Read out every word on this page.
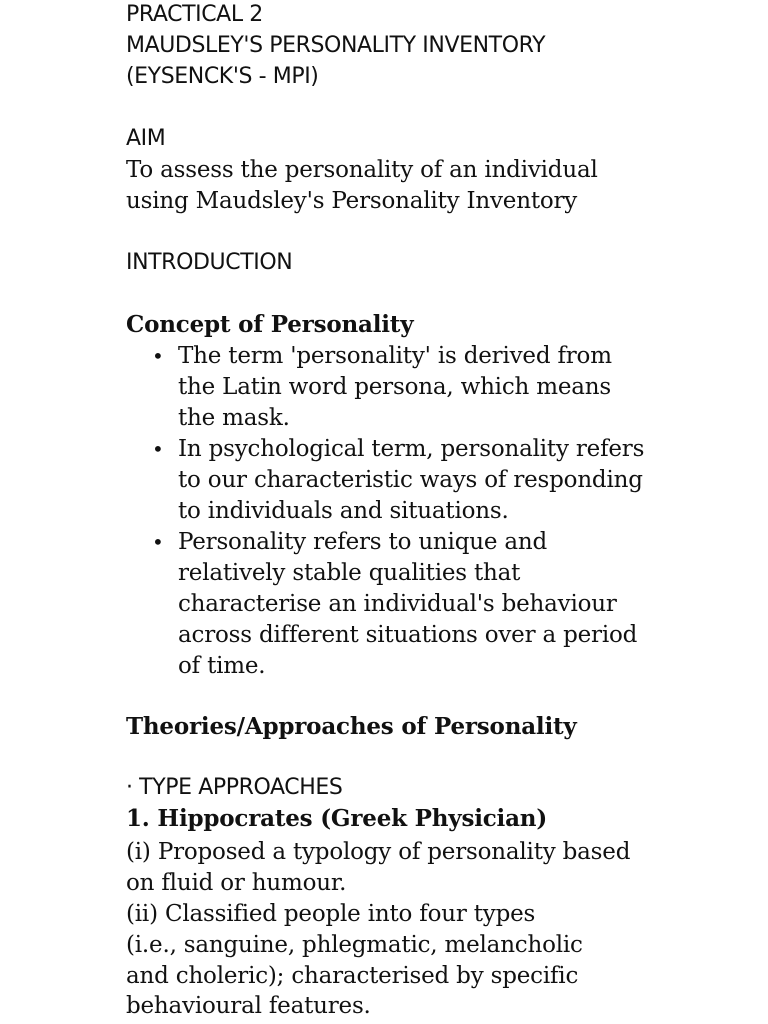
PRACTICAL 2
MAUDSLEY'S PERSONALITY INVENTORY
(EYSENCK'S - MPI)
AIM
To assess the personality of an individual
using Maudsley's Personality Inventory
INTRODUCTION
Concept of Personality
• The term 'personality' is derived from
the Latin word persona, which means
the mask.
• In psychological term, personality refers
to our characteristic ways of responding
to individuals and situations.
• Personality refers to unique and
relatively stable qualities that
characterise an individual's behaviour
across different situations over a period
of time.
Theories/Approaches of Personality
· TYPE APPROACHES
1. Hippocrates (Greek Physician)
(i) Proposed a typology of personality based
on fluid or humour.
(ii) Classified people into four types
(i.e., sanguine, phlegmatic, melancholic
and choleric); characterised by specific
behavioural features.
